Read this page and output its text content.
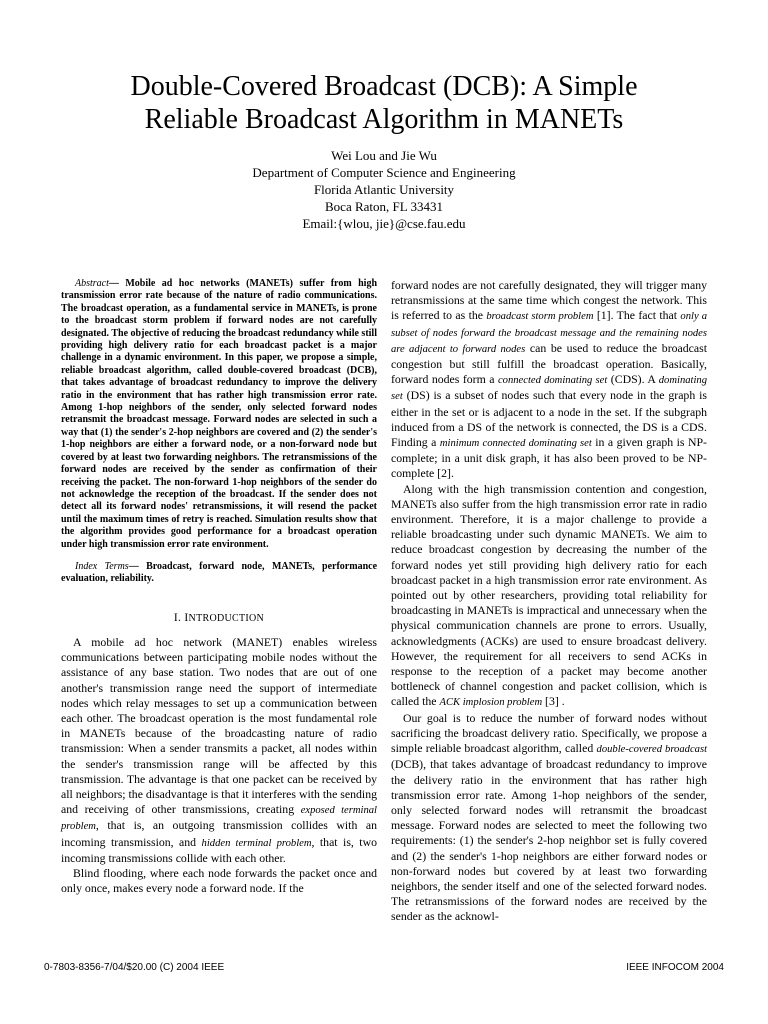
Double-Covered Broadcast (DCB): A Simple
Reliable Broadcast Algorithm in MANETs
Wei Lou and Jie Wu
Department of Computer Science and Engineering
Florida Atlantic University
Boca Raton, FL 33431
Email:{wlou, jie}@cse.fau.edu

Abstract— Mobile ad hoc networks (MANETs) suffer from high transmission error rate because of the nature of radio communications. The broadcast operation, as a fundamental service in MANETs, is prone to the broadcast storm problem if forward nodes are not carefully designated. The objective of reducing the broadcast redundancy while still providing high delivery ratio for each broadcast packet is a major challenge in a dynamic environment. In this paper, we propose a simple, reliable broadcast algorithm, called double-covered broadcast (DCB), that takes advantage of broadcast redundancy to improve the delivery ratio in the environment that has rather high transmission error rate. Among 1-hop neighbors of the sender, only selected forward nodes retransmit the broadcast message. Forward nodes are selected in such a way that (1) the sender's 2-hop neighbors are covered and (2) the sender's 1-hop neighbors are either a forward node, or a non-forward node but covered by at least two forwarding neighbors. The retransmissions of the forward nodes are received by the sender as confirmation of their receiving the packet. The non-forward 1-hop neighbors of the sender do not acknowledge the reception of the broadcast. If the sender does not detect all its forward nodes' retransmissions, it will resend the packet until the maximum times of retry is reached. Simulation results show that the algorithm provides good performance for a broadcast operation under high transmission error rate environment.

Index Terms— Broadcast, forward node, MANETs, performance evaluation, reliability.

I. INTRODUCTION

A mobile ad hoc network (MANET) enables wireless communications between participating mobile nodes without the assistance of any base station. Two nodes that are out of one another's transmission range need the support of intermediate nodes which relay messages to set up a communication between each other. The broadcast operation is the most fundamental role in MANETs because of the broadcasting nature of radio transmission: When a sender transmits a packet, all nodes within the sender's transmission range will be affected by this transmission. The advantage is that one packet can be received by all neighbors; the disadvantage is that it interferes with the sending and receiving of other transmissions, creating exposed terminal problem, that is, an outgoing transmission collides with an incoming transmission, and hidden terminal problem, that is, two incoming transmissions collide with each other.

Blind flooding, where each node forwards the packet once and only once, makes every node a forward node. If the

forward nodes are not carefully designated, they will trigger many retransmissions at the same time which congest the network. This is referred to as the broadcast storm problem [1]. The fact that only a subset of nodes forward the broadcast message and the remaining nodes are adjacent to forward nodes can be used to reduce the broadcast congestion but still fulfill the broadcast operation. Basically, forward nodes form a connected dominating set (CDS). A dominating set (DS) is a subset of nodes such that every node in the graph is either in the set or is adjacent to a node in the set. If the subgraph induced from a DS of the network is connected, the DS is a CDS. Finding a minimum connected dominating set in a given graph is NP-complete; in a unit disk graph, it has also been proved to be NP-complete [2].

Along with the high transmission contention and congestion, MANETs also suffer from the high transmission error rate in radio environment. Therefore, it is a major challenge to provide a reliable broadcasting under such dynamic MANETs. We aim to reduce broadcast congestion by decreasing the number of the forward nodes yet still providing high delivery ratio for each broadcast packet in a high transmission error rate environment. As pointed out by other researchers, providing total reliability for broadcasting in MANETs is impractical and unnecessary when the physical communication channels are prone to errors. Usually, acknowledgments (ACKs) are used to ensure broadcast delivery. However, the requirement for all receivers to send ACKs in response to the reception of a packet may become another bottleneck of channel congestion and packet collision, which is called the ACK implosion problem [3] .

Our goal is to reduce the number of forward nodes without sacrificing the broadcast delivery ratio. Specifically, we propose a simple reliable broadcast algorithm, called double-covered broadcast (DCB), that takes advantage of broadcast redundancy to improve the delivery ratio in the environment that has rather high transmission error rate. Among 1-hop neighbors of the sender, only selected forward nodes will retransmit the broadcast message. Forward nodes are selected to meet the following two requirements: (1) the sender's 2-hop neighbor set is fully covered and (2) the sender's 1-hop neighbors are either forward nodes or non-forward nodes but covered by at least two forwarding neighbors, the sender itself and one of the selected forward nodes. The retransmissions of the forward nodes are received by the sender as the acknowl-

0-7803-8356-7/04/$20.00 (C) 2004 IEEE	IEEE INFOCOM 2004
